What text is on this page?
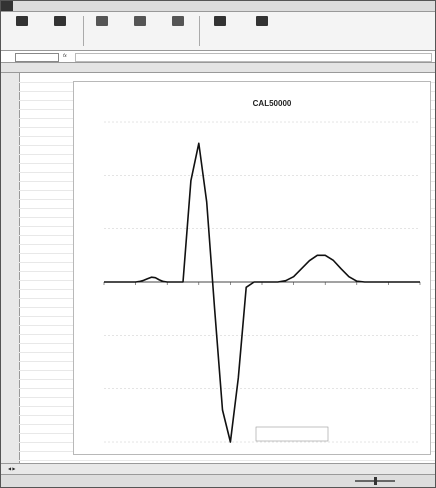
fx
CAL50000
◀ ▶
